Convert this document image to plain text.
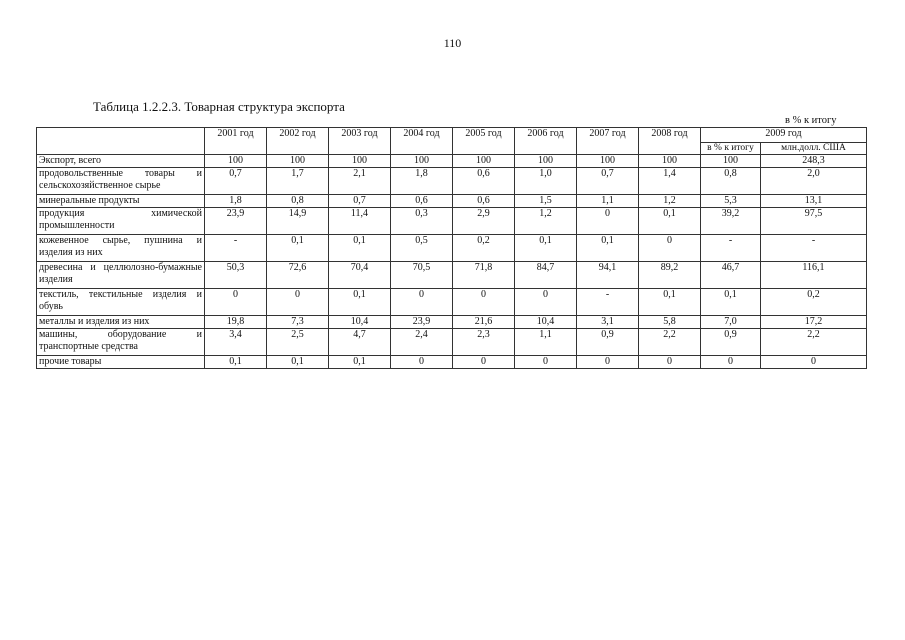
110
Таблица 1.2.2.3. Товарная структура экспорта
в % к итогу
	2001 год	2002 год	2003 год	2004 год	2005 год	2006 год	2007 год	2008 год	2009 год	
									в % к итогу	млн.долл. США
Экспорт, всего	100	100	100	100	100	100	100	100	100	248,3
продовольственные товары и сельскохозяйственное сырье	0,7	1,7	2,1	1,8	0,6	1,0	0,7	1,4	0,8	2,0
минеральные продукты	1,8	0,8	0,7	0,6	0,6	1,5	1,1	1,2	5,3	13,1
продукция химической промышленности	23,9	14,9	11,4	0,3	2,9	1,2	0	0,1	39,2	97,5
кожевенное сырье, пушнина и изделия из них	-	0,1	0,1	0,5	0,2	0,1	0,1	0	-	-
древесина и целлюлозно-бумажные изделия	50,3	72,6	70,4	70,5	71,8	84,7	94,1	89,2	46,7	116,1
текстиль, текстильные изделия и обувь	0	0	0,1	0	0	0	-	0,1	0,1	0,2
металлы и изделия из них	19,8	7,3	10,4	23,9	21,6	10,4	3,1	5,8	7,0	17,2
машины, оборудование и транспортные средства	3,4	2,5	4,7	2,4	2,3	1,1	0,9	2,2	0,9	2,2
прочие товары	0,1	0,1	0,1	0	0	0	0	0	0	0
